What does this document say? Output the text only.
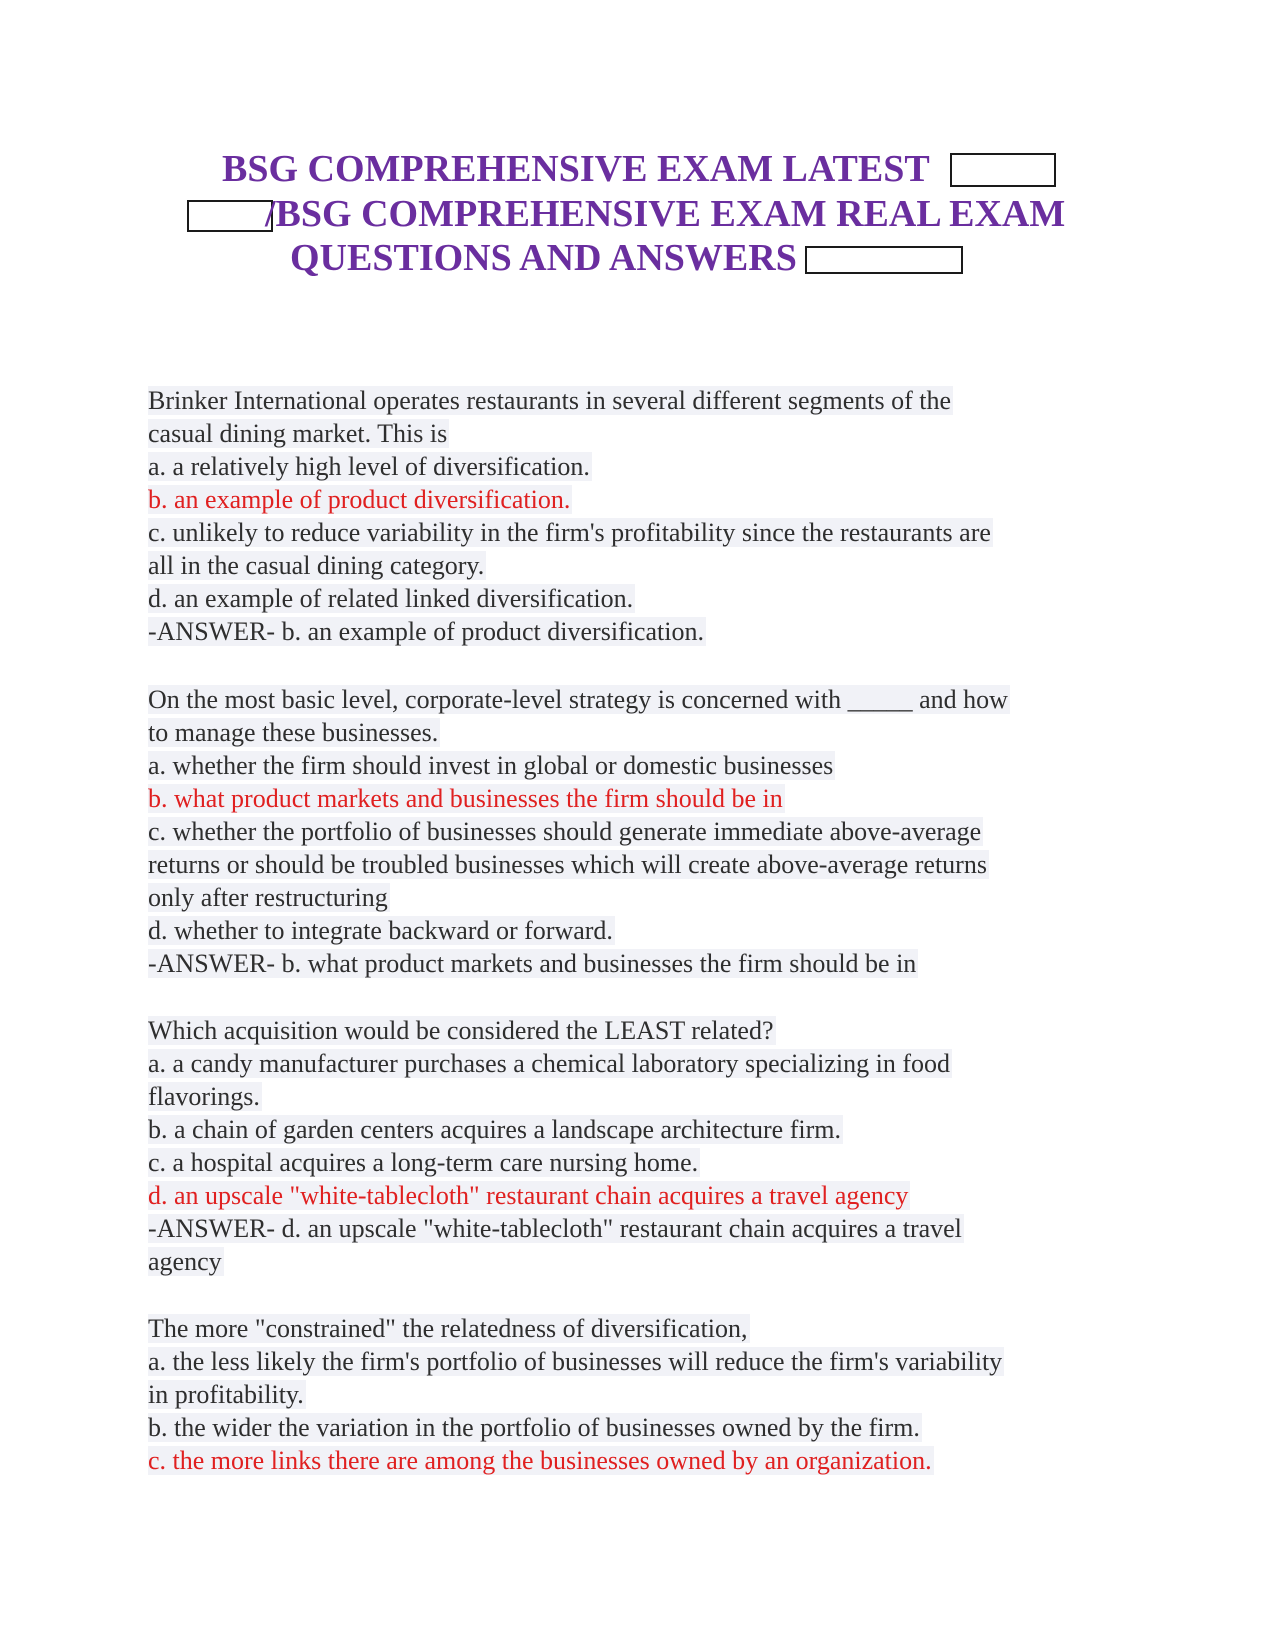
BSG COMPREHENSIVE EXAM LATEST
/BSG COMPREHENSIVE EXAM REAL EXAM
QUESTIONS AND ANSWERS
Brinker International operates restaurants in several different segments of the
casual dining market. This is
a. a relatively high level of diversification.
b. an example of product diversification.
c. unlikely to reduce variability in the firm's profitability since the restaurants are
all in the casual dining category.
d. an example of related linked diversification.
-ANSWER- b. an example of product diversification.
On the most basic level, corporate-level strategy is concerned with _____ and how
to manage these businesses.
a. whether the firm should invest in global or domestic businesses
b. what product markets and businesses the firm should be in
c. whether the portfolio of businesses should generate immediate above-average
returns or should be troubled businesses which will create above-average returns
only after restructuring
d. whether to integrate backward or forward.
-ANSWER- b. what product markets and businesses the firm should be in
Which acquisition would be considered the LEAST related?
a. a candy manufacturer purchases a chemical laboratory specializing in food
flavorings.
b. a chain of garden centers acquires a landscape architecture firm.
c. a hospital acquires a long-term care nursing home.
d. an upscale "white-tablecloth" restaurant chain acquires a travel agency
-ANSWER- d. an upscale "white-tablecloth" restaurant chain acquires a travel
agency
The more "constrained" the relatedness of diversification,
a. the less likely the firm's portfolio of businesses will reduce the firm's variability
in profitability.
b. the wider the variation in the portfolio of businesses owned by the firm.
c. the more links there are among the businesses owned by an organization.
